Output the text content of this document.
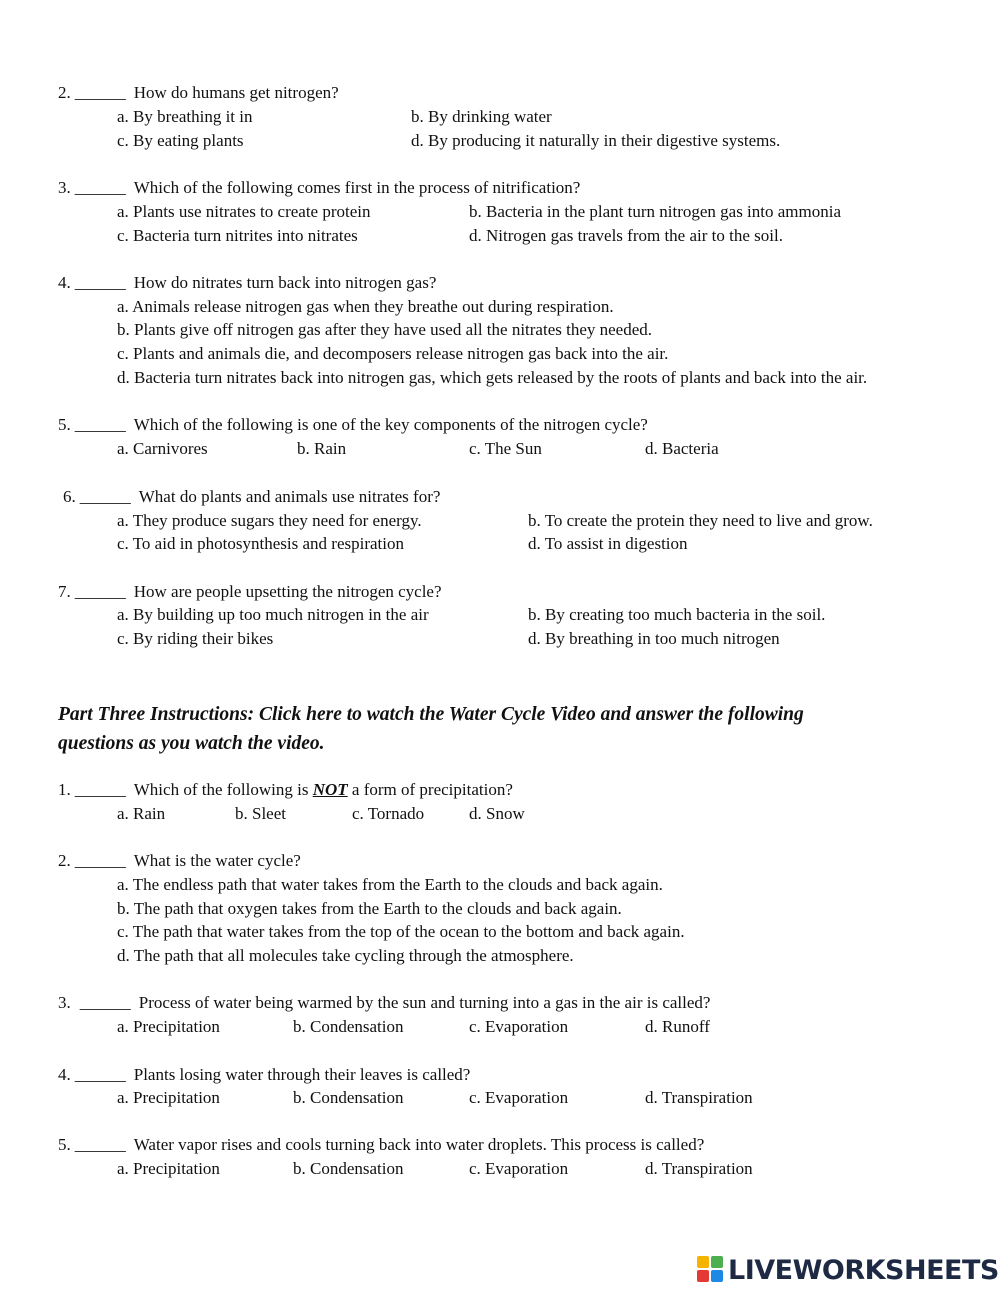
2. ______ How do humans get nitrogen?
a. By breathing it in	b. By drinking water
c. By eating plants	d. By producing it naturally in their digestive systems.
3. ______ Which of the following comes first in the process of nitrification?
a. Plants use nitrates to create protein	b. Bacteria in the plant turn nitrogen gas into ammonia
c. Bacteria turn nitrites into nitrates	d. Nitrogen gas travels from the air to the soil.
4. ______ How do nitrates turn back into nitrogen gas?
a. Animals release nitrogen gas when they breathe out during respiration.
b. Plants give off nitrogen gas after they have used all the nitrates they needed.
c. Plants and animals die, and decomposers release nitrogen gas back into the air.
d. Bacteria turn nitrates back into nitrogen gas, which gets released by the roots of plants and back into the air.
5. ______ Which of the following is one of the key components of the nitrogen cycle?
a. Carnivores	b. Rain	c. The Sun	d. Bacteria
6. ______ What do plants and animals use nitrates for?
a. They produce sugars they need for energy.	b. To create the protein they need to live and grow.
c. To aid in photosynthesis and respiration	d. To assist in digestion
7. ______ How are people upsetting the nitrogen cycle?
a. By building up too much nitrogen in the air	b. By creating too much bacteria in the soil.
c. By riding their bikes	d. By breathing in too much nitrogen
Part Three Instructions: Click here to watch the Water Cycle Video and answer the following
questions as you watch the video.
1. ______ Which of the following is NOT a form of precipitation?
a. Rain	b. Sleet	c. Tornado	d. Snow
2. ______ What is the water cycle?
a. The endless path that water takes from the Earth to the clouds and back again.
b. The path that oxygen takes from the Earth to the clouds and back again.
c. The path that water takes from the top of the ocean to the bottom and back again.
d. The path that all molecules take cycling through the atmosphere.
3. ______ Process of water being warmed by the sun and turning into a gas in the air is called?
a. Precipitation	b. Condensation	c. Evaporation	d. Runoff
4. ______ Plants losing water through their leaves is called?
a. Precipitation	b. Condensation	c. Evaporation	d. Transpiration
5. ______ Water vapor rises and cools turning back into water droplets. This process is called?
a. Precipitation	b. Condensation	c. Evaporation	d. Transpiration
LIVEWORKSHEETS
